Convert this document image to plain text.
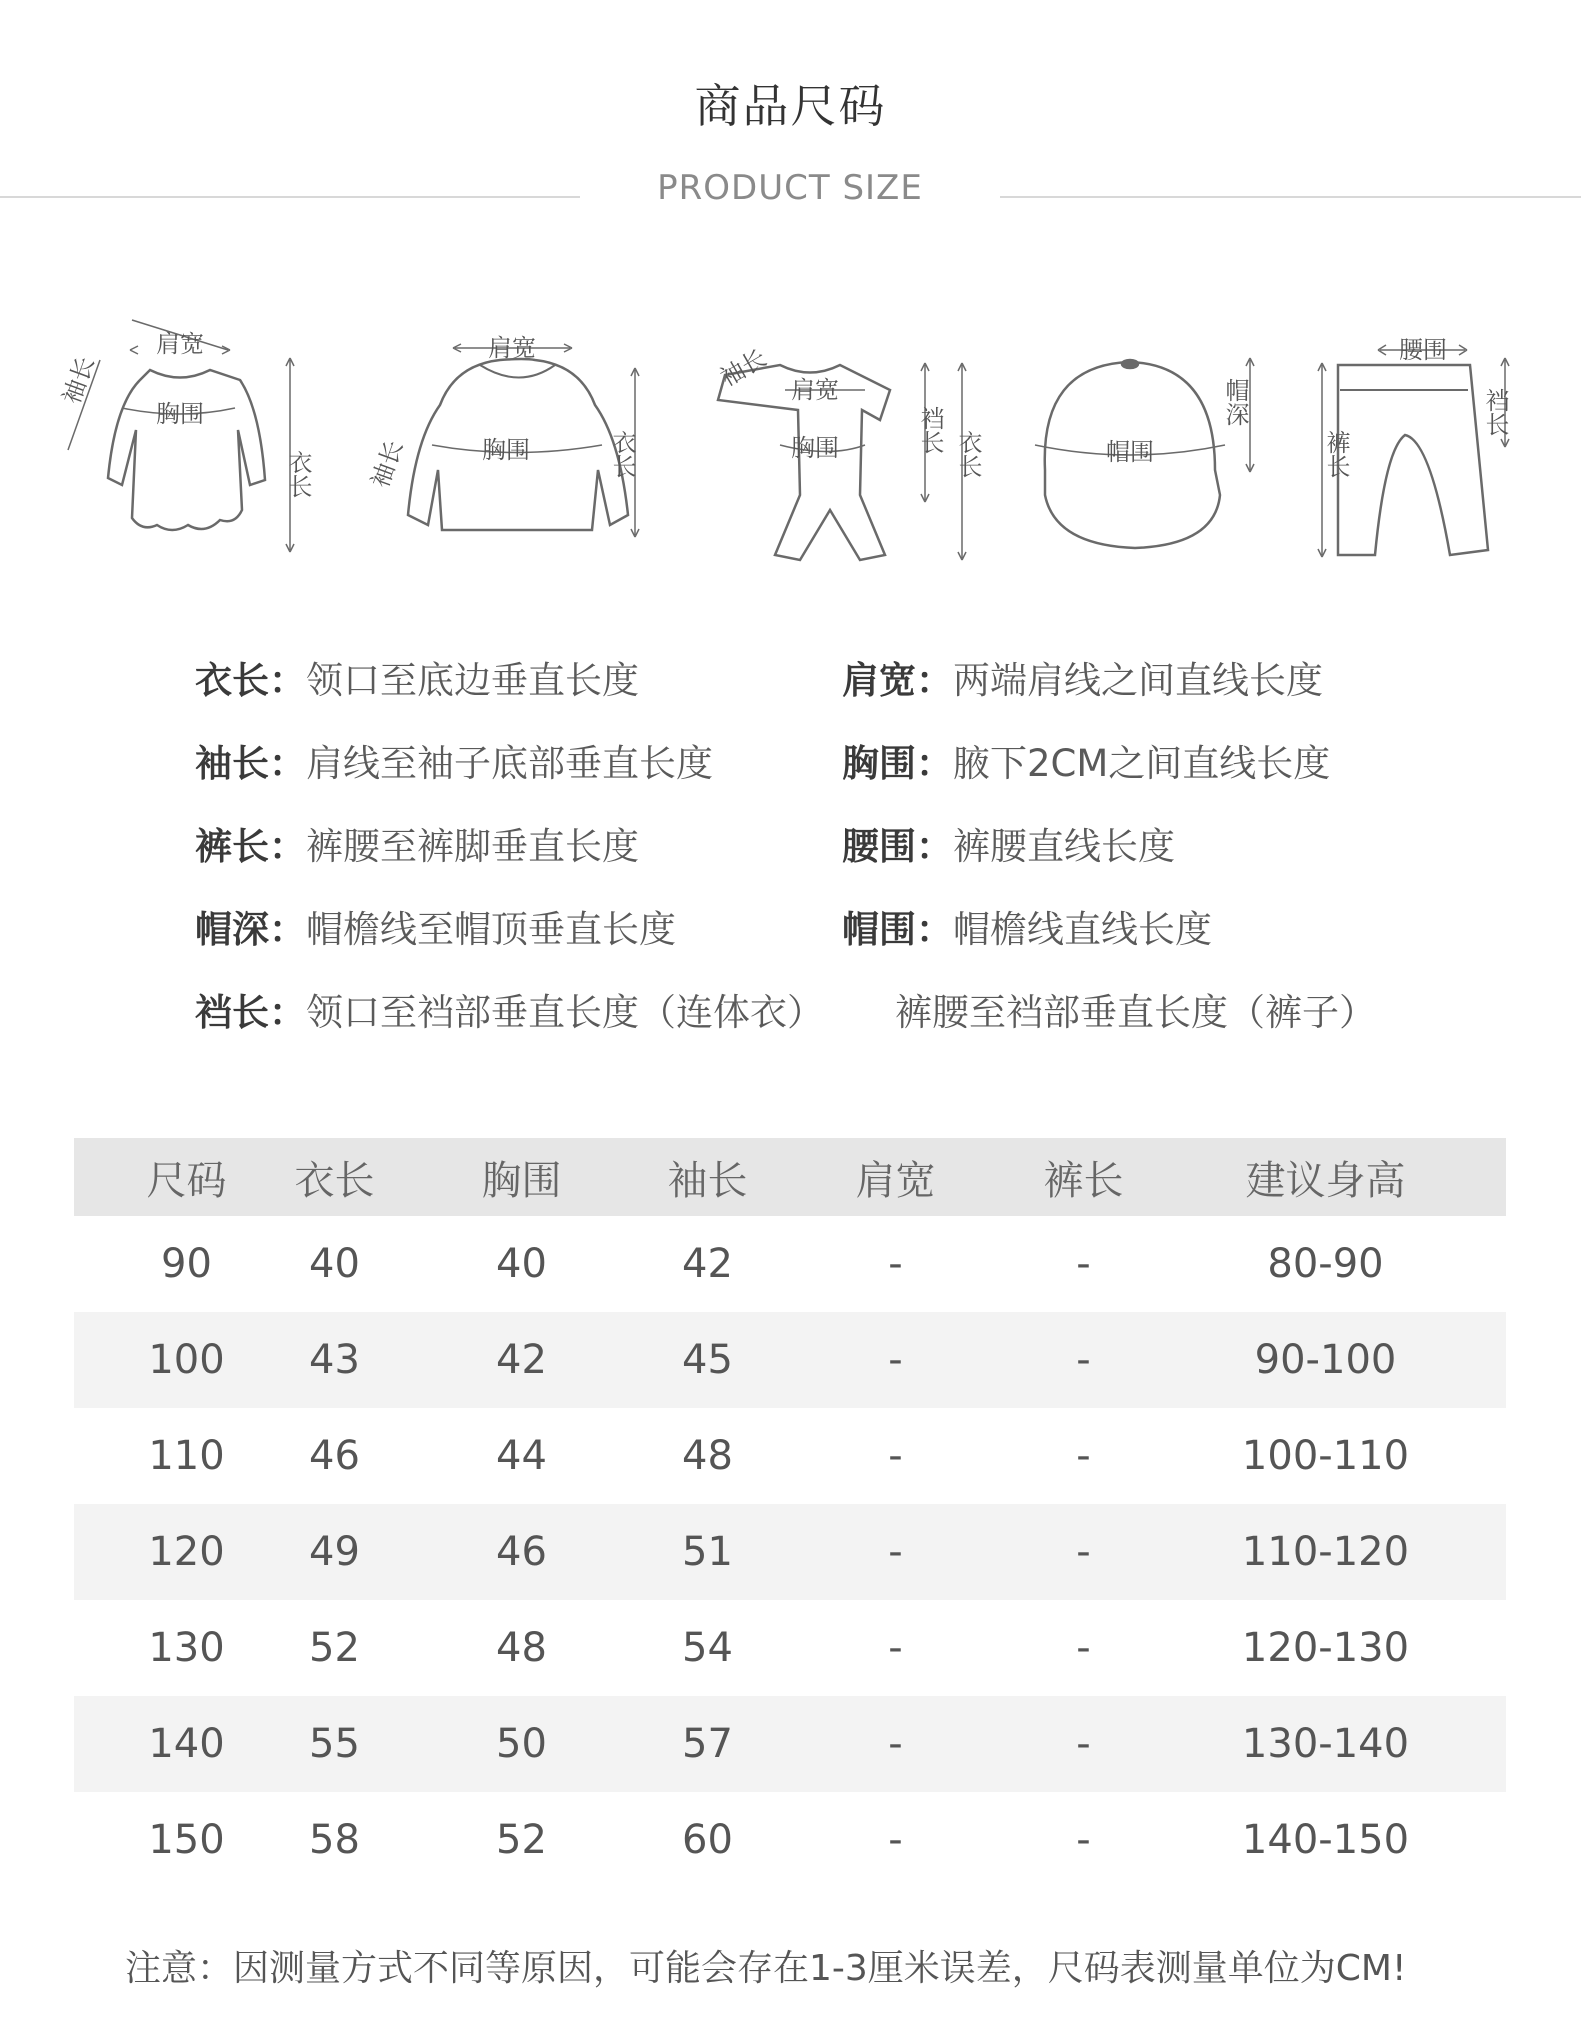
商品尺码
PRODUCT SIZE
肩宽
胸围
袖长
衣长
肩宽
胸围
袖长	衣长
袖长 肩宽
胸围	裆长 衣长	帽围
帽深
腰围
裤长
裆长
衣长：领口至底边垂直长度	肩宽：两端肩线之间直线长度
袖长：肩线至袖子底部垂直长度	胸围：腋下2CM之间直线长度
裤长：裤腰至裤脚垂直长度	腰围：裤腰直线长度
帽深：帽檐线至帽顶垂直长度	帽围：帽檐线直线长度
裆长：领口至裆部垂直长度（连体衣） 裤腰至裆部垂直长度（裤子）
尺码	衣长	胸围	袖长	肩宽	裤长	建议身高
90	40	40	42	-	-	80-90
100	43	42	45	-	-	90-100
110	46	44	48	-	-	100-110
120	49	46	51	-	-	110-120
130	52	48	54	-	-	120-130
140	55	50	57	-	-	130-140
150	58	52	60	-	-	140-150
注意：因测量方式不同等原因，可能会存在1-3厘米误差，尺码表测量单位为CM!
